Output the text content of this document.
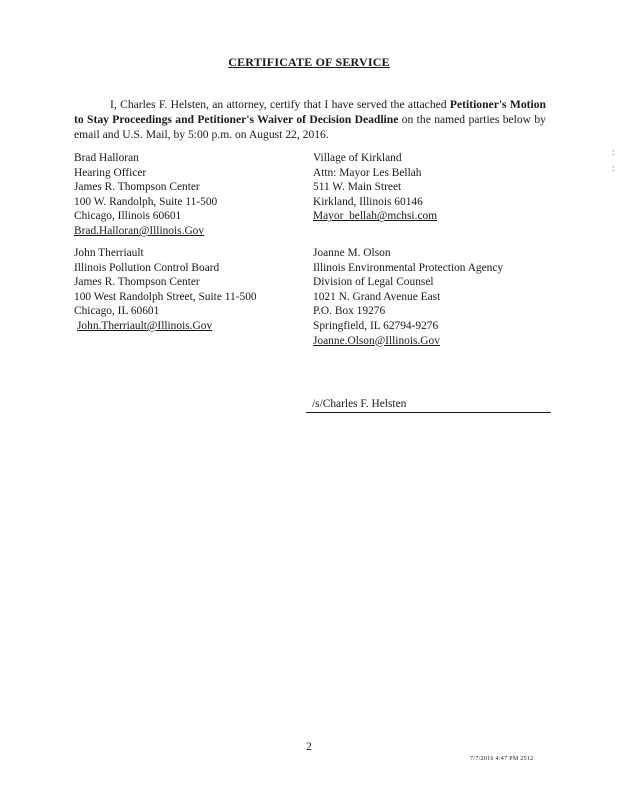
CERTIFICATE OF SERVICE
I, Charles F. Helsten, an attorney, certify that I have served the attached Petitioner's Motion to Stay Proceedings and Petitioner's Waiver of Decision Deadline on the named parties below by email and U.S. Mail, by 5:00 p.m. on August 22, 2016.
Brad Halloran
Hearing Officer
James R. Thompson Center
100 W. Randolph, Suite 11-500
Chicago, Illinois 60601
Brad.Halloran@Illinois.Gov
Village of Kirkland
Attn: Mayor Les Bellah
511 W. Main Street
Kirkland, Illinois 60146
Mayor_bellah@mchsi.com
John Therriault
Illinois Pollution Control Board
James R. Thompson Center
100 West Randolph Street, Suite 11-500
Chicago, IL 60601
John.Therriault@Illinois.Gov
Joanne M. Olson
Illinois Environmental Protection Agency
Division of Legal Counsel
1021 N. Grand Avenue East
P.O. Box 19276
Springfield, IL 62794-9276
Joanne.Olson@Illinois.Gov
/s/Charles F. Helsten
2
7/7/2016 4:47 PM 2512
:
:
